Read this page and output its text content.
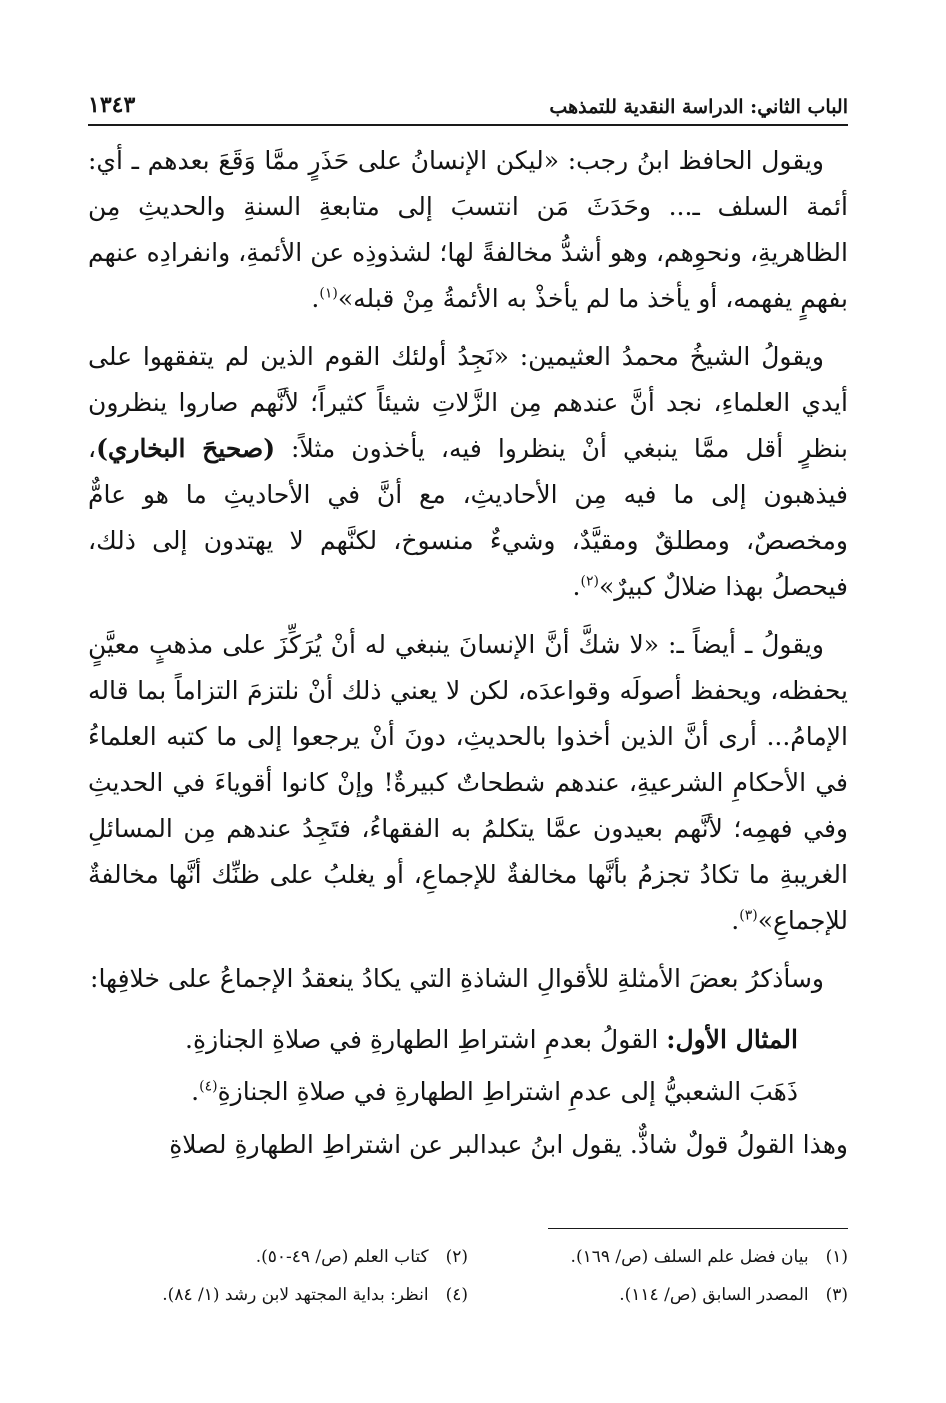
الباب الثاني: الدراسة النقدية للتمذهب
١٣٤٣

ويقول الحافظ ابنُ رجب: «ليكن الإنسانُ على حَذَرٍ ممَّا وَقَعَ بعدهم ـ أي: أئمة السلف ـ... وحَدَثَ مَن انتسبَ إلى متابعةِ السنةِ والحديثِ مِن الظاهريةِ، ونحوِهم، وهو أشدُّ مخالفةً لها؛ لشذوذِه عن الأئمةِ، وانفرادِه عنهم بفهمٍ يفهمه، أو يأخذ ما لم يأخذْ به الأئمةُ مِنْ قبله»$^{(١)}$.

ويقولُ الشيخُ محمدُ العثيمين: «نَجِدُ أولئك القوم الذين لم يتفقهوا على أيدي العلماءِ، نجد أنَّ عندهم مِن الزَّلاتِ شيئاً كثيراً؛ لأنَّهم صاروا ينظرون بنظرٍ أقل ممَّا ينبغي أنْ ينظروا فيه، يأخذون مثلاً: (صحيحَ البخاري)، فيذهبون إلى ما فيه مِن الأحاديثِ، مع أنَّ في الأحاديثِ ما هو عامٌّ ومخصصٌ، ومطلقٌ ومقيَّدٌ، وشيءٌ منسوخ، لكنَّهم لا يهتدون إلى ذلك، فيحصلُ بهذا ضلالٌ كبيرٌ»$^{(٢)}$.

ويقولُ ـ أيضاً ـ: «لا شكَّ أنَّ الإنسانَ ينبغي له أنْ يُرَكِّزَ على مذهبٍ معيَّنٍ يحفظه، ويحفظ أصولَه وقواعدَه، لكن لا يعني ذلك أنْ نلتزمَ التزاماً بما قاله الإمامُ... أرى أنَّ الذين أخذوا بالحديثِ، دونَ أنْ يرجعوا إلى ما كتبه العلماءُ في الأحكامِ الشرعيةِ، عندهم شطحاتٌ كبيرةٌ! وإنْ كانوا أقوياءَ في الحديثِ وفي فهمِه؛ لأنَّهم بعيدون عمَّا يتكلمُ به الفقهاءُ، فتَجِدُ عندهم مِن المسائلِ الغريبةِ ما تكادُ تجزمُ بأنَّها مخالفةٌ للإجماعِ، أو يغلبُ على ظنِّك أنَّها مخالفةٌ للإجماعِ»$^{(٣)}$.

وسأذكرُ بعضَ الأمثلةِ للأقوالِ الشاذةِ التي يكادُ ينعقدُ الإجماعُ على خلافِها:

المثال الأول: القولُ بعدمِ اشتراطِ الطهارةِ في صلاةِ الجنازةِ.
ذَهَبَ الشعبيُّ إلى عدمِ اشتراطِ الطهارةِ في صلاةِ الجنازةِ$^{(٤)}$.

وهذا القولُ قولٌ شاذٌّ. يقول ابنُ عبدالبر عن اشتراطِ الطهارةِ لصلاةِ

(١) بيان فضل علم السلف (ص/ ١٦٩).
(٢) كتاب العلم (ص/ ٤٩-٥٠).
(٣) المصدر السابق (ص/ ١١٤).
(٤) انظر: بداية المجتهد لابن رشد (١/ ٨٤).
